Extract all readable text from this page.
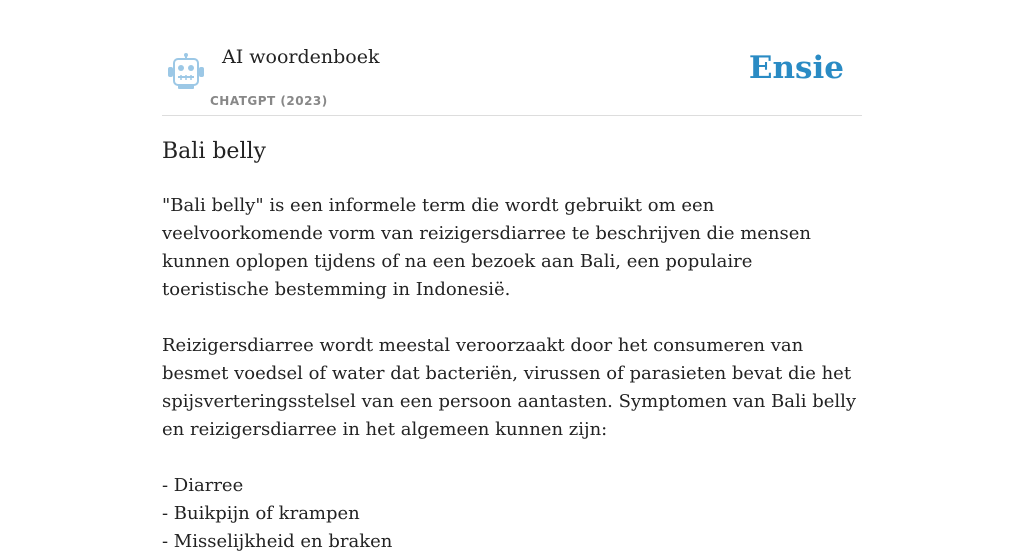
AI woordenboek
CHATGPT (2023)
Ensie
Bali belly

"Bali belly" is een informele term die wordt gebruikt om een veelvoorkomende vorm van reizigersdiarree te beschrijven die mensen kunnen oplopen tijdens of na een bezoek aan Bali, een populaire toeristische bestemming in Indonesië.

Reizigersdiarree wordt meestal veroorzaakt door het consumeren van besmet voedsel of water dat bacteriën, virussen of parasieten bevat die het spijsverteringsstelsel van een persoon aantasten. Symptomen van Bali belly en reizigersdiarree in het algemeen kunnen zijn:

- Diarree
- Buikpijn of krampen
- Misselijkheid en braken
